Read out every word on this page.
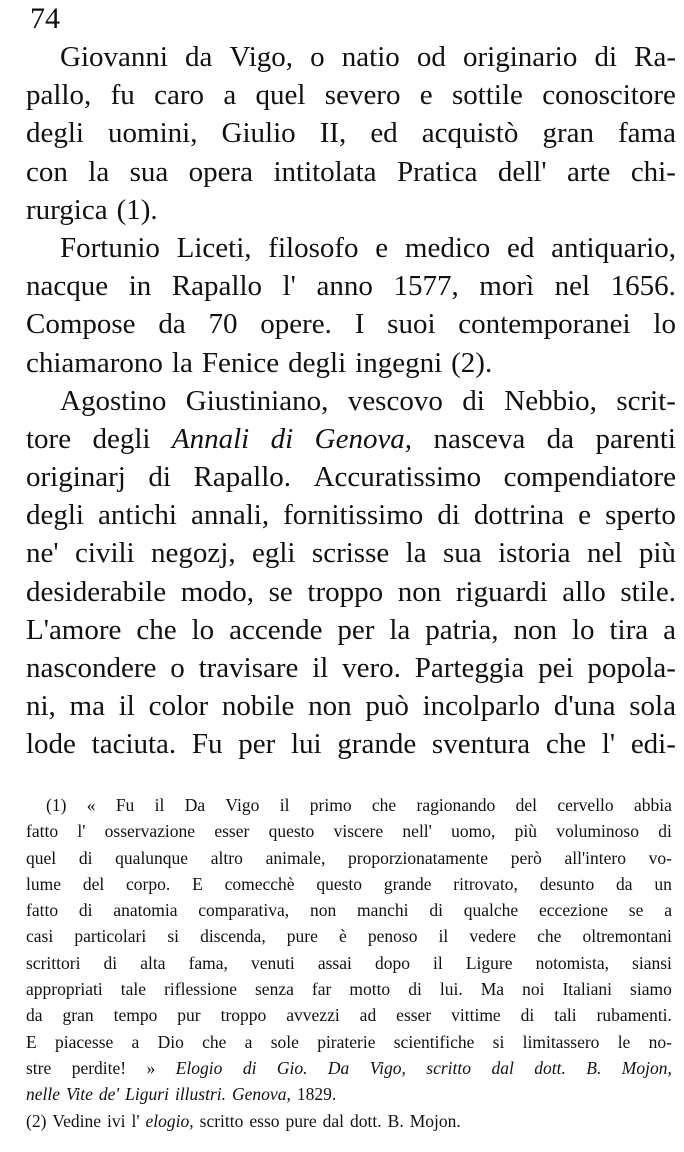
74
Giovanni da Vigo, o natio od originario di Ra-
pallo, fu caro a quel severo e sottile conoscitore
degli uomini, Giulio II, ed acquistò gran fama
con la sua opera intitolata Pratica dell' arte chi-
rurgica (1).
Fortunio Liceti, filosofo e medico ed antiquario,
nacque in Rapallo l' anno 1577, morì nel 1656.
Compose da 70 opere. I suoi contemporanei lo
chiamarono la Fenice degli ingegni (2).
Agostino Giustiniano, vescovo di Nebbio, scrit-
tore degli Annali di Genova, nasceva da parenti
originarj di Rapallo. Accuratissimo compendiatore
degli antichi annali, fornitissimo di dottrina e sperto
ne' civili negozj, egli scrisse la sua istoria nel più
desiderabile modo, se troppo non riguardi allo stile.
L'amore che lo accende per la patria, non lo tira a
nascondere o travisare il vero. Parteggia pei popola-
ni, ma il color nobile non può incolparlo d'una sola
lode taciuta. Fu per lui grande sventura che l' edi-
(1) « Fu il Da Vigo il primo che ragionando del cervello abbia
fatto l' osservazione esser questo viscere nell' uomo, più voluminoso di
quel di qualunque altro animale, proporzionatamente però all'intero vo-
lume del corpo. E comecchè questo grande ritrovato, desunto da un
fatto di anatomia comparativa, non manchi di qualche eccezione se a
casi particolari si discenda, pure è penoso il vedere che oltremontani
scrittori di alta fama, venuti assai dopo il Ligure notomista, siansi
appropriati tale riflessione senza far motto di lui. Ma noi Italiani siamo
da gran tempo pur troppo avvezzi ad esser vittime di tali rubamenti.
E piacesse a Dio che a sole piraterie scientifiche si limitassero le no-
stre perdite! » Elogio di Gio. Da Vigo, scritto dal dott. B. Mojon,
nelle Vite de' Liguri illustri. Genova, 1829.
(2) Vedine ivi l' elogio, scritto esso pure dal dott. B. Mojon.
